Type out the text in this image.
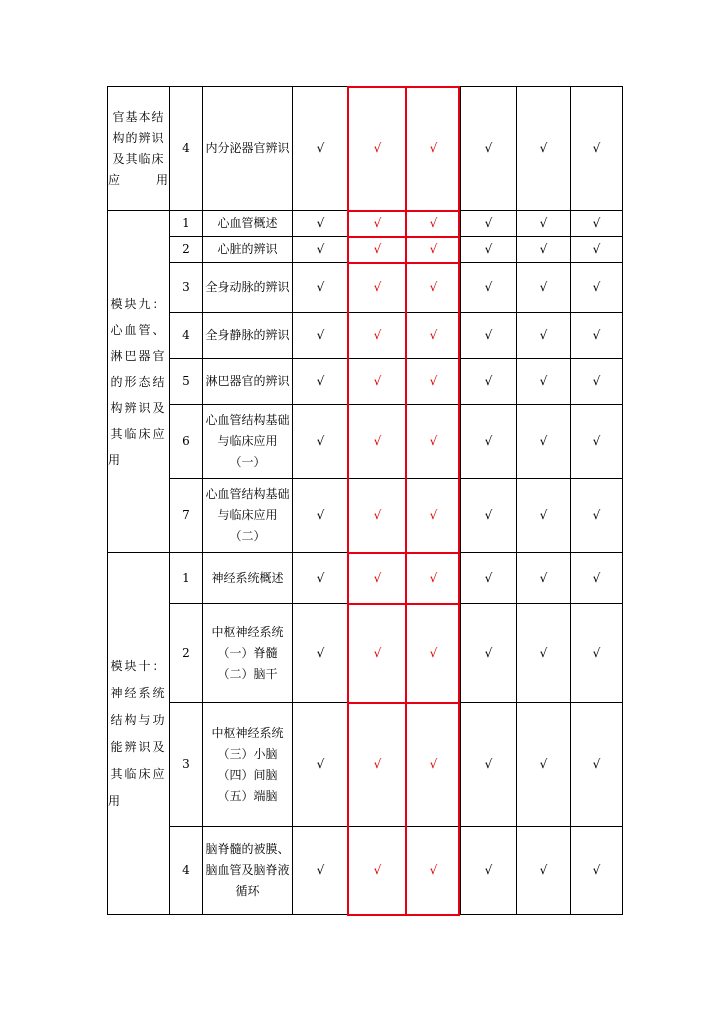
官基本结构的辨识及其临床应用	4	内分泌器官辨识	√	√	√	√	√	√
模块九：心血管、淋巴器官的形态结构辨识及其临床应用	1	心血管概述	√	√	√	√	√	√
	2	心脏的辨识	√	√	√	√	√	√
	3	全身动脉的辨识	√	√	√	√	√	√
	4	全身静脉的辨识	√	√	√	√	√	√
	5	淋巴器官的辨识	√	√	√	√	√	√
	6	心血管结构基础与临床应用（一）	√	√	√	√	√	√
	7	心血管结构基础与临床应用（二）	√	√	√	√	√	√
模块十：神经系统结构与功能辨识及其临床应用	1	神经系统概述	√	√	√	√	√	√
	2	中枢神经系统（一）脊髓（二）脑干	√	√	√	√	√	√
	3	中枢神经系统（三）小脑（四）间脑（五）端脑	√	√	√	√	√	√
	4	脑脊髓的被膜、脑血管及脑脊液循环	√	√	√	√	√	√
